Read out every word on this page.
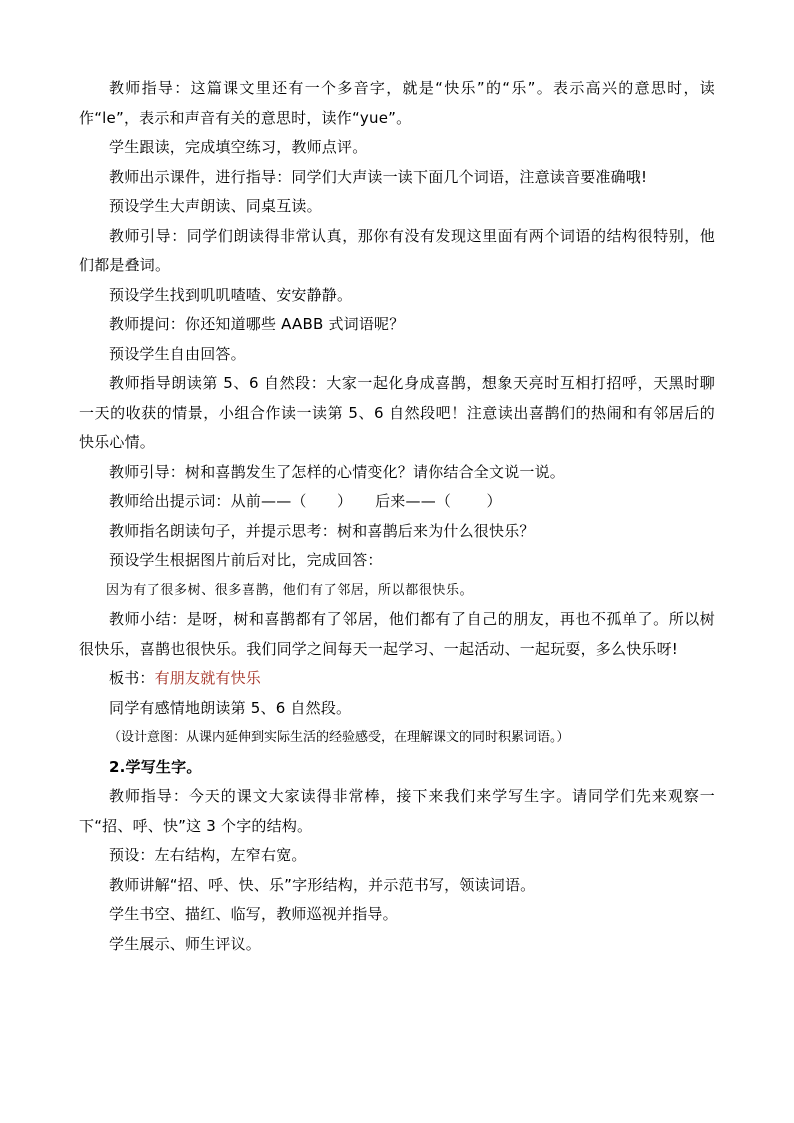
教师指导：这篇课文里还有一个多音字，就是“快乐”的“乐”。表示高兴的意思时，读作“le”，表示和声音有关的意思时，读作“yue”。

学生跟读，完成填空练习，教师点评。

教师出示课件，进行指导：同学们大声读一读下面几个词语，注意读音要准确哦!

预设学生大声朗读、同桌互读。

教师引导：同学们朗读得非常认真，那你有没有发现这里面有两个词语的结构很特别，他们都是叠词。

预设学生找到叽叽喳喳、安安静静。

教师提问：你还知道哪些 AABB 式词语呢？

预设学生自由回答。

教师指导朗读第 5、6 自然段：大家一起化身成喜鹊，想象天亮时互相打招呼，天黑时聊一天的收获的情景，小组合作读一读第 5、6 自然段吧！注意读出喜鹊们的热闹和有邻居后的快乐心情。

教师引导：树和喜鹊发生了怎样的心情变化？请你结合全文说一说。

教师给出提示词：从前——（　　）　　后来——（　　 ）

教师指名朗读句子，并提示思考：树和喜鹊后来为什么很快乐？

预设学生根据图片前后对比，完成回答：

因为有了很多树、很多喜鹊，他们有了邻居，所以都很快乐。

教师小结：是呀，树和喜鹊都有了邻居，他们都有了自己的朋友，再也不孤单了。所以树很快乐，喜鹊也很快乐。我们同学之间每天一起学习、一起活动、一起玩耍，多么快乐呀!

板书：有朋友就有快乐

同学有感情地朗读第 5、6 自然段。

（设计意图：从课内延伸到实际生活的经验感受，在理解课文的同时积累词语。）

2.学写生字。

教师指导：今天的课文大家读得非常棒，接下来我们来学写生字。请同学们先来观察一下“招、呼、快”这 3 个字的结构。

预设：左右结构，左窄右宽。

教师讲解“招、呼、快、乐”字形结构，并示范书写，领读词语。

学生书空、描红、临写，教师巡视并指导。

学生展示、师生评议。
